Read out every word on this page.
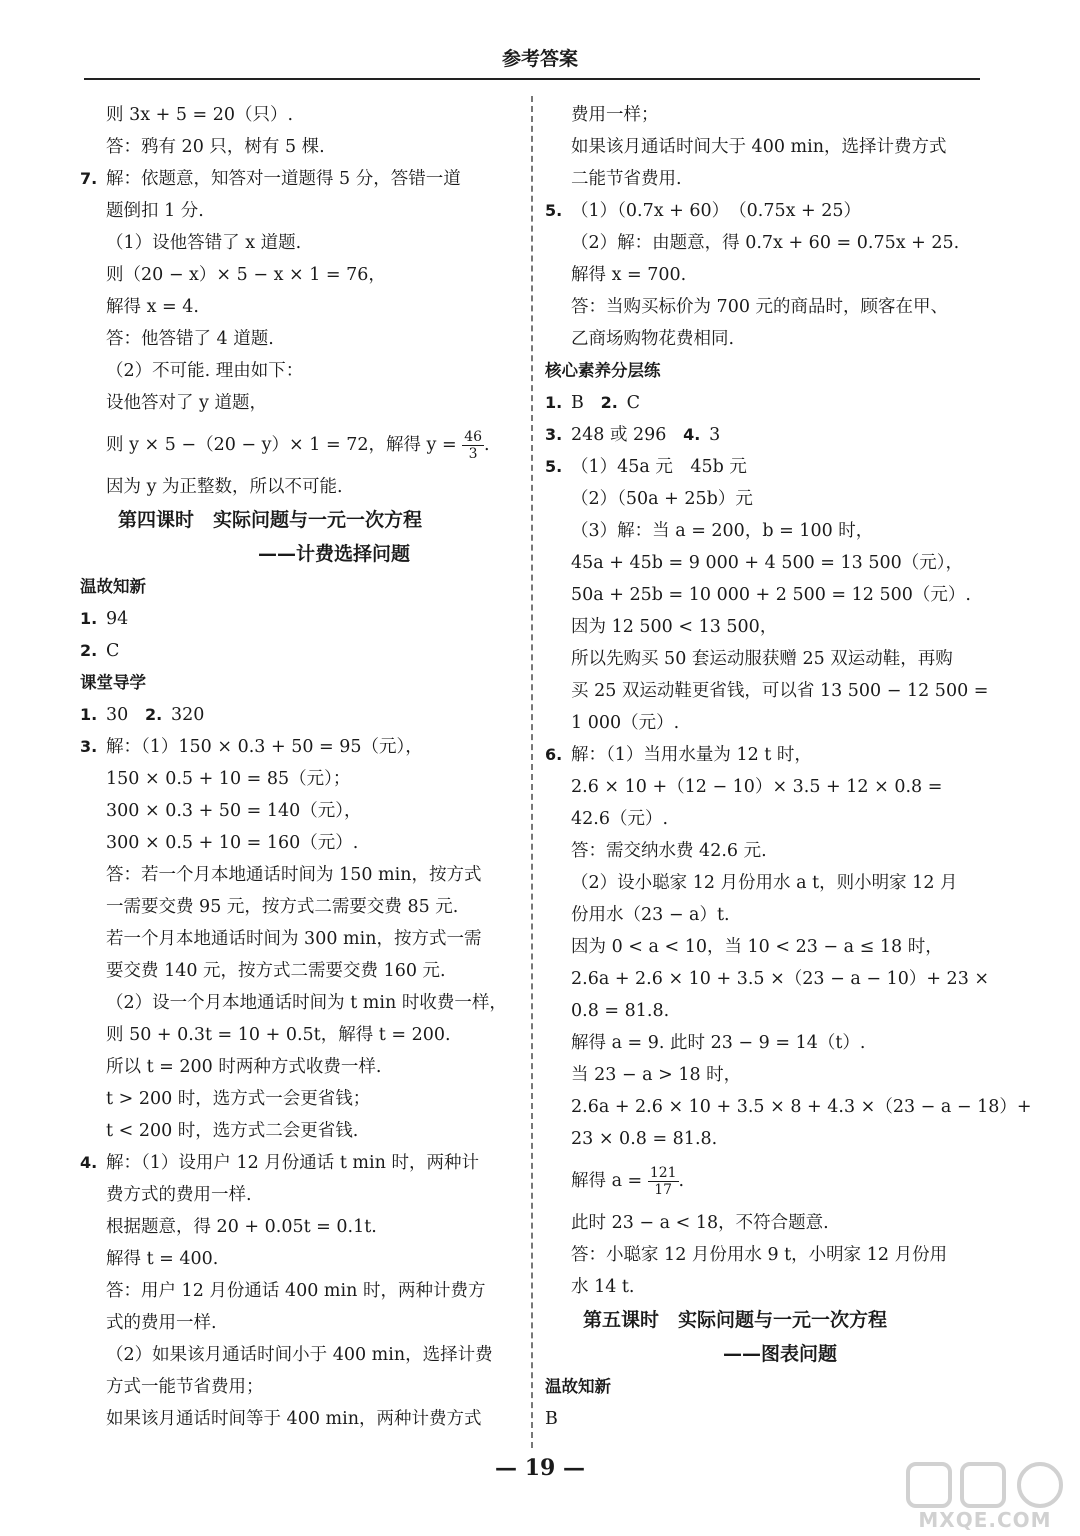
参考答案
则 3x + 5 = 20（只）.
答：鸦有 20 只，树有 5 棵.
7. 解：依题意，知答对一道题得 5 分，答错一道
题倒扣 1 分.
（1）设他答错了 x 道题.
则（20 − x）× 5 − x × 1 = 76，
解得 x = 4.
答：他答错了 4 道题.
（2）不可能. 理由如下：
设他答对了 y 道题，
则 y × 5 −（20 − y）× 1 = 72，解得 $y = \frac{46}{3}$ .
因为 y 为正整数，所以不可能.
第四课时　实际问题与一元一次方程
——计费选择问题
温故知新
1. 94
2. C
课堂导学
1. 30 2. 320
3. 解：（1）150 × 0.3 + 50 = 95（元），
150 × 0.5 + 10 = 85（元）；
300 × 0.3 + 50 = 140（元），
300 × 0.5 + 10 = 160（元）.
答：若一个月本地通话时间为 150 min，按方式
一需要交费 95 元，按方式二需要交费 85 元.
若一个月本地通话时间为 300 min，按方式一需
要交费 140 元，按方式二需要交费 160 元.
（2）设一个月本地通话时间为 t min 时收费一样，
则 50 + 0.3t = 10 + 0.5t，解得 t = 200.
所以 t = 200 时两种方式收费一样.
t > 200 时，选方式一会更省钱；
t < 200 时，选方式二会更省钱.
4. 解：（1）设用户 12 月份通话 t min 时，两种计
费方式的费用一样.
根据题意，得 20 + 0.05t = 0.1t.
解得 t = 400.
答：用户 12 月份通话 400 min 时，两种计费方
式的费用一样.
（2）如果该月通话时间小于 400 min，选择计费
方式一能节省费用；
如果该月通话时间等于 400 min，两种计费方式
费用一样；
如果该月通话时间大于 400 min，选择计费方式
二能节省费用.
5. （1）（0.7x + 60）　（0.75x + 25）
（2）解：由题意，得 0.7x + 60 = 0.75x + 25.
解得 x = 700.
答：当购买标价为 700 元的商品时，顾客在甲、
乙商场购物花费相同.
核心素养分层练
1. B 2. C
3. 248 或 296 4. 3
5. （1）45a 元　45b 元
（2）（50a + 25b）元
（3）解：当 a = 200，b = 100 时，
45a + 45b = 9 000 + 4 500 = 13 500（元），
50a + 25b = 10 000 + 2 500 = 12 500（元）.
因为 12 500 < 13 500，
所以先购买 50 套运动服获赠 25 双运动鞋，再购
买 25 双运动鞋更省钱，可以省 13 500 − 12 500 =
1 000（元）.
6. 解：（1）当用水量为 12 t 时，
2.6 × 10 +（12 − 10）× 3.5 + 12 × 0.8 =
42.6（元）.
答：需交纳水费 42.6 元.
（2）设小聪家 12 月份用水 a t，则小明家 12 月
份用水（23 − a）t.
因为 0 < a < 10，当 10 < 23 − a ≤ 18 时，
2.6a + 2.6 × 10 + 3.5 ×（23 − a − 10）+ 23 ×
0.8 = 81.8.
解得 a = 9. 此时 23 − 9 = 14（t）.
当 23 − a > 18 时，
2.6a + 2.6 × 10 + 3.5 × 8 + 4.3 ×（23 − a − 18）+
23 × 0.8 = 81.8.
解得 $a = \frac{121}{17}$ .
此时 23 − a < 18，不符合题意.
答：小聪家 12 月份用水 9 t，小明家 12 月份用
水 14 t.
第五课时　实际问题与一元一次方程
——图表问题
温故知新
B
— 19 —
MXQE.COM
